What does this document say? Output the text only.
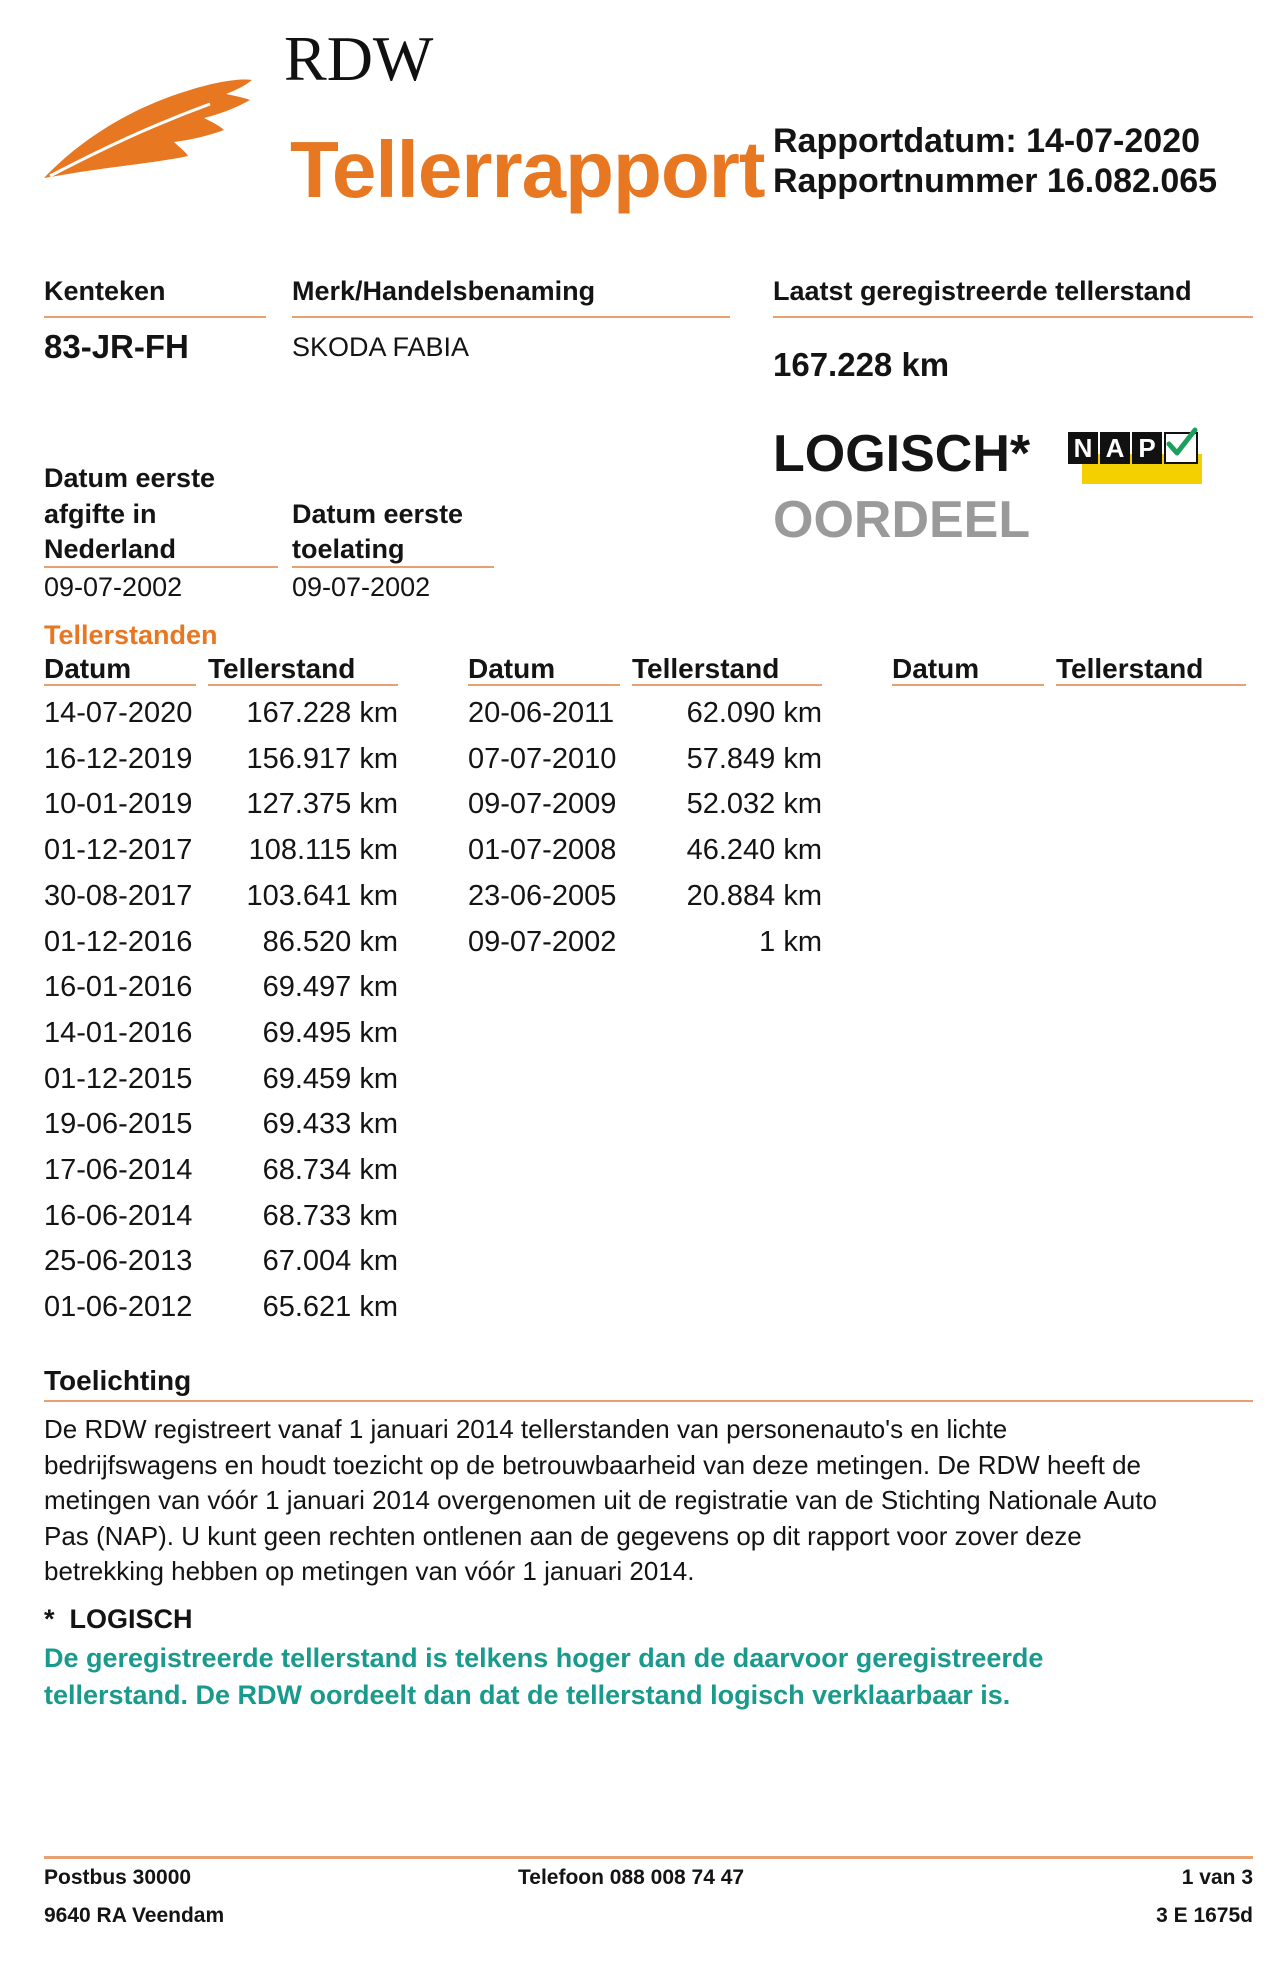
RDW
Tellerrapport Rapportdatum: 14-07-2020
Rapportnummer 16.082.065
Kenteken
83-JR-FH
Merk/Handelsbenaming
SKODA FABIA
Laatst geregistreerde tellerstand
167.228 km
Datum eerste
afgifte in
Nederland
09-07-2002
Datum eerste
toelating
09-07-2002
LOGISCH*
OORDEEL
N A P
Tellerstanden
Datum	Tellerstand	Datum	Tellerstand	Datum	Tellerstand
14-07-2020	167.228 km
16-12-2019	156.917 km
10-01-2019	127.375 km
01-12-2017	108.115 km
30-08-2017	103.641 km
01-12-2016	86.520 km
16-01-2016	69.497 km
14-01-2016	69.495 km
01-12-2015	69.459 km
19-06-2015	69.433 km
17-06-2014	68.734 km
16-06-2014	68.733 km
25-06-2013	67.004 km
01-06-2012	65.621 km
20-06-2011	62.090 km
07-07-2010	57.849 km
09-07-2009	52.032 km
01-07-2008	46.240 km
23-06-2005	20.884 km
09-07-2002	1 km
Toelichting
De RDW registreert vanaf 1 januari 2014 tellerstanden van personenauto's en lichte
bedrijfswagens en houdt toezicht op de betrouwbaarheid van deze metingen. De RDW heeft de
metingen van vóór 1 januari 2014 overgenomen uit de registratie van de Stichting Nationale Auto
Pas (NAP). U kunt geen rechten ontlenen aan de gegevens op dit rapport voor zover deze
betrekking hebben op metingen van vóór 1 januari 2014.
*  LOGISCH
De geregistreerde tellerstand is telkens hoger dan de daarvoor geregistreerde
tellerstand. De RDW oordeelt dan dat de tellerstand logisch verklaarbaar is.
Postbus 30000
9640 RA Veendam
Telefoon 088 008 74 47	1 van 3
3 E 1675d
